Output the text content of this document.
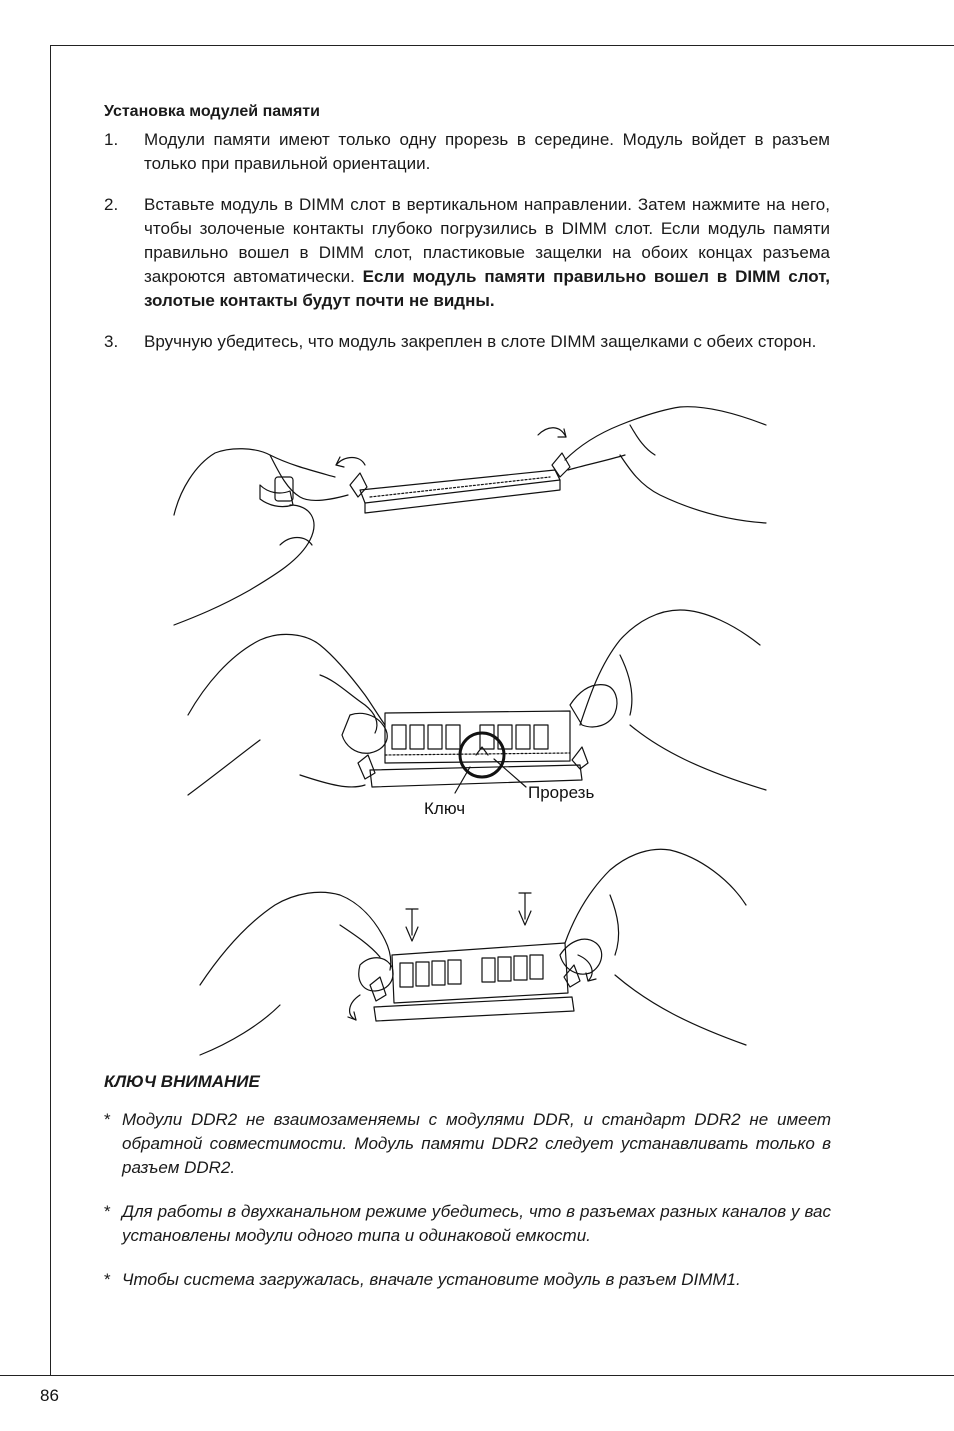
Установка модулей памяти
1. Модули памяти имеют только одну прорезь в середине. Модуль войдет в разъем только при правильной ориентации.
2. Вставьте модуль в DIMM слот в вертикальном направлении. Затем нажмите на него, чтобы золоченые контакты глубоко погрузились в DIMM слот. Если модуль памяти правильно вошел в DIMM слот, пластиковые защелки на обоих концах разъема закроются автоматически. Если модуль памяти правильно вошел в DIMM слот, золотые контакты будут почти не видны.
3. Вручную убедитесь, что модуль закреплен в слоте DIMM защелками с обеих сторон.
Ключ
Прорезь
КЛЮЧ ВНИМАНИЕ
* Модули DDR2 не взаимозаменяемы с модулями DDR, и стандарт DDR2 не имеет обратной совместимости. Модуль памяти DDR2 следует устанавливать только в разъем DDR2.
* Для работы в двухканальном режиме убедитесь, что в разъемах разных каналов у вас установлены модули одного типа и одинаковой емкости.
* Чтобы система загружалась, вначале установите модуль в разъем DIMM1.
86
